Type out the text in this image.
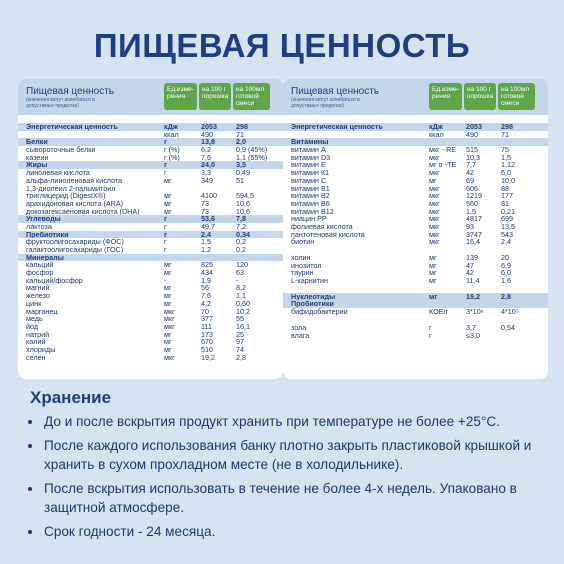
ПИЩЕВАЯ ЦЕННОСТЬ
Пищевая ценность
(значения могут колебаться в допустимых пределах)
Ед.изме-рения
на 100 г порошка
на 100мл готовой смеси
Энергетическая ценность	кДж	2053	298
ккал	490	71
Белки	г	13,8	2,0
сывороточные белки	г (%)	6,2	0,9 (45%)
казеин	г (%)	7,6	1,1 (55%)
Жиры	г	24,0	3,5
линолевая кислота	г	3,3	0,49
альфа-линоленовая кислота	мг	349	51
1,3-диолеил 2-пальмитоил
триглицерид (DigestX®)	мг	4100	594,5
арахидоновая кислота (ARA)	мг	73	10,6
докозагексаеновая кислота (DHA)	мг	73	10,6
Углеводы	г	53,6	7,8
лактоза	г	49,7	7,2
Пребиотики	г	2,4	0,34
фруктоолигосахариды (ФОС)	г	1,5	0,2
галактоолигосахариды (ГОС)	г	1,2	0,2
Минералы
кальций	мг	825	120
фосфор	мг	434	63
кальций/фосфор	-	1,9	-
магний	мг	56	8,2
железо	мг	7,6	1,1
цинк	мг	4,2	0,60
марганец	мкг	70	10,2
медь	мкг	377	55
йод	мкг	111	16,1
натрий	мг	173	25
калий	мг	670	97
хлориды	мг	510	74
селен	мкг	19,2	2,8
Пищевая ценность
(значения могут колебаться в допустимых пределах)
Ед.изме-рения
на 100 г порошка
на 100мл готовой смеси
Энергетическая ценность	кДж	2053	298
ккал	490	71
Витамины
витамин А	мкг - RE	515	75
витамин D3	мкг	10,3	1,5
витамин Е	мг α -TE	7,7	1,12
витамин К1	мкг	42	6,0
витамин С	мг	69	10,0
витамин В1	мкг	606	88
витамин В2	мкг	1219	177
витамин В6	мкг	560	81
витамин В12	мкг	1,5	0,21
ниацин PP	мкг	4817	699
фолиевая кислота	мкг	93	13,5
пантотеновая кислота	мкг	3747	543
биотин	мкг	16,4	2,4
холин	мг	139	20
инозитол	мг	47	6,9
таурин	мг	42	6,0
L-карнитин	мг	11,4	1,6
Нуклеотиды	мг	19,2	2,8
Пробиотики
бифидобактерии	КОЕ/г	3*10⁶	4*10⁵
зола	г	3,7	0,54
влага	г	≤3,0
Хранение
До и после вскрытия продукт хранить при температуре не более +25°С.
После каждого использования банку плотно закрыть пластиковой крышкой и хранить в сухом прохладном месте (не в холодильнике).
После вскрытия использовать в течение не более 4-х недель. Упаковано в защитной атмосфере.
Срок годности - 24 месяца.
